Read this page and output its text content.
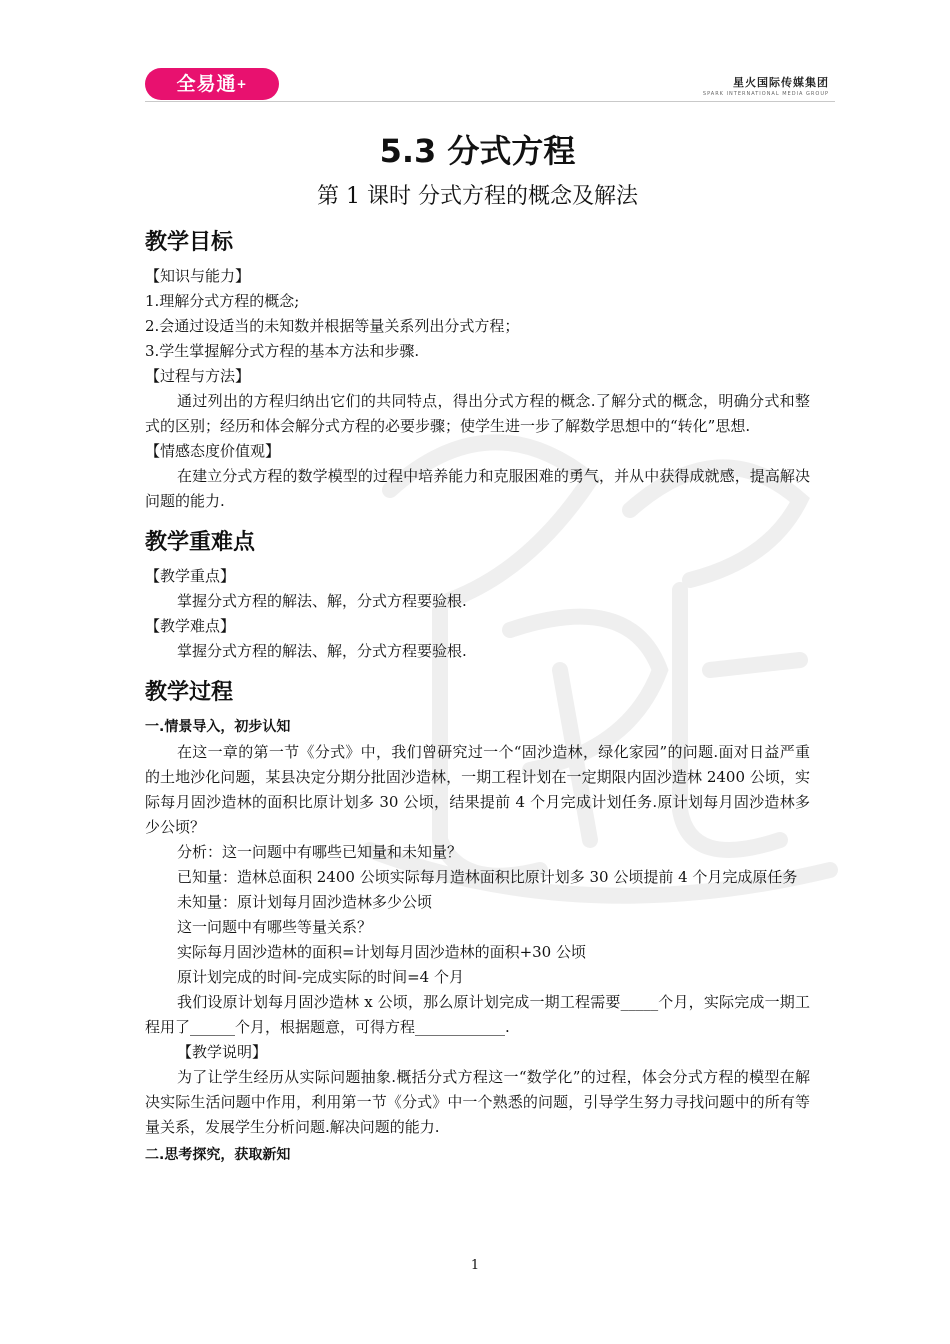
全易通+	星火国际传媒集团
SPARK INTERNATIONAL MEDIA GROUP
5.3 分式方程
第 1 课时 分式方程的概念及解法
教学目标

【知识与能力】

1.理解分式方程的概念;

2.会通过设适当的未知数并根据等量关系列出分式方程；

3.学生掌握解分式方程的基本方法和步骤.

【过程与方法】

通过列出的方程归纳出它们的共同特点，得出分式方程的概念.了解分式的概念，明确分式和整式的区别；经历和体会解分式方程的必要步骤；使学生进一步了解数学思想中的“转化”思想.

【情感态度价值观】

在建立分式方程的数学模型的过程中培养能力和克服困难的勇气，并从中获得成就感，提高解决问题的能力.

教学重难点

【教学重点】

掌握分式方程的解法、解，分式方程要验根.

【教学难点】

掌握分式方程的解法、解，分式方程要验根.

教学过程
一.情景导入，初步认知

在这一章的第一节《分式》中，我们曾研究过一个“固沙造林，绿化家园”的问题.面对日益严重的土地沙化问题，某县决定分期分批固沙造林，一期工程计划在一定期限内固沙造林 2400 公顷，实际每月固沙造林的面积比原计划多 30 公顷，结果提前 4 个月完成计划任务.原计划每月固沙造林多少公顷？

分析：这一问题中有哪些已知量和未知量？

已知量：造林总面积 2400 公顷实际每月造林面积比原计划多 30 公顷提前 4 个月完成原任务

未知量：原计划每月固沙造林多少公顷

这一问题中有哪些等量关系？

实际每月固沙造林的面积=计划每月固沙造林的面积+30 公顷

原计划完成的时间-完成实际的时间=4 个月

我们设原计划每月固沙造林 x 公顷，那么原计划完成一期工程需要_____个月，实际完成一期工程用了______个月，根据题意，可得方程____________.

【教学说明】

为了让学生经历从实际问题抽象.概括分式方程这一“数学化”的过程，体会分式方程的模型在解决实际生活问题中作用，利用第一节《分式》中一个熟悉的问题，引导学生努力寻找问题中的所有等量关系，发展学生分析问题.解决问题的能力.

二.思考探究，获取新知
1
